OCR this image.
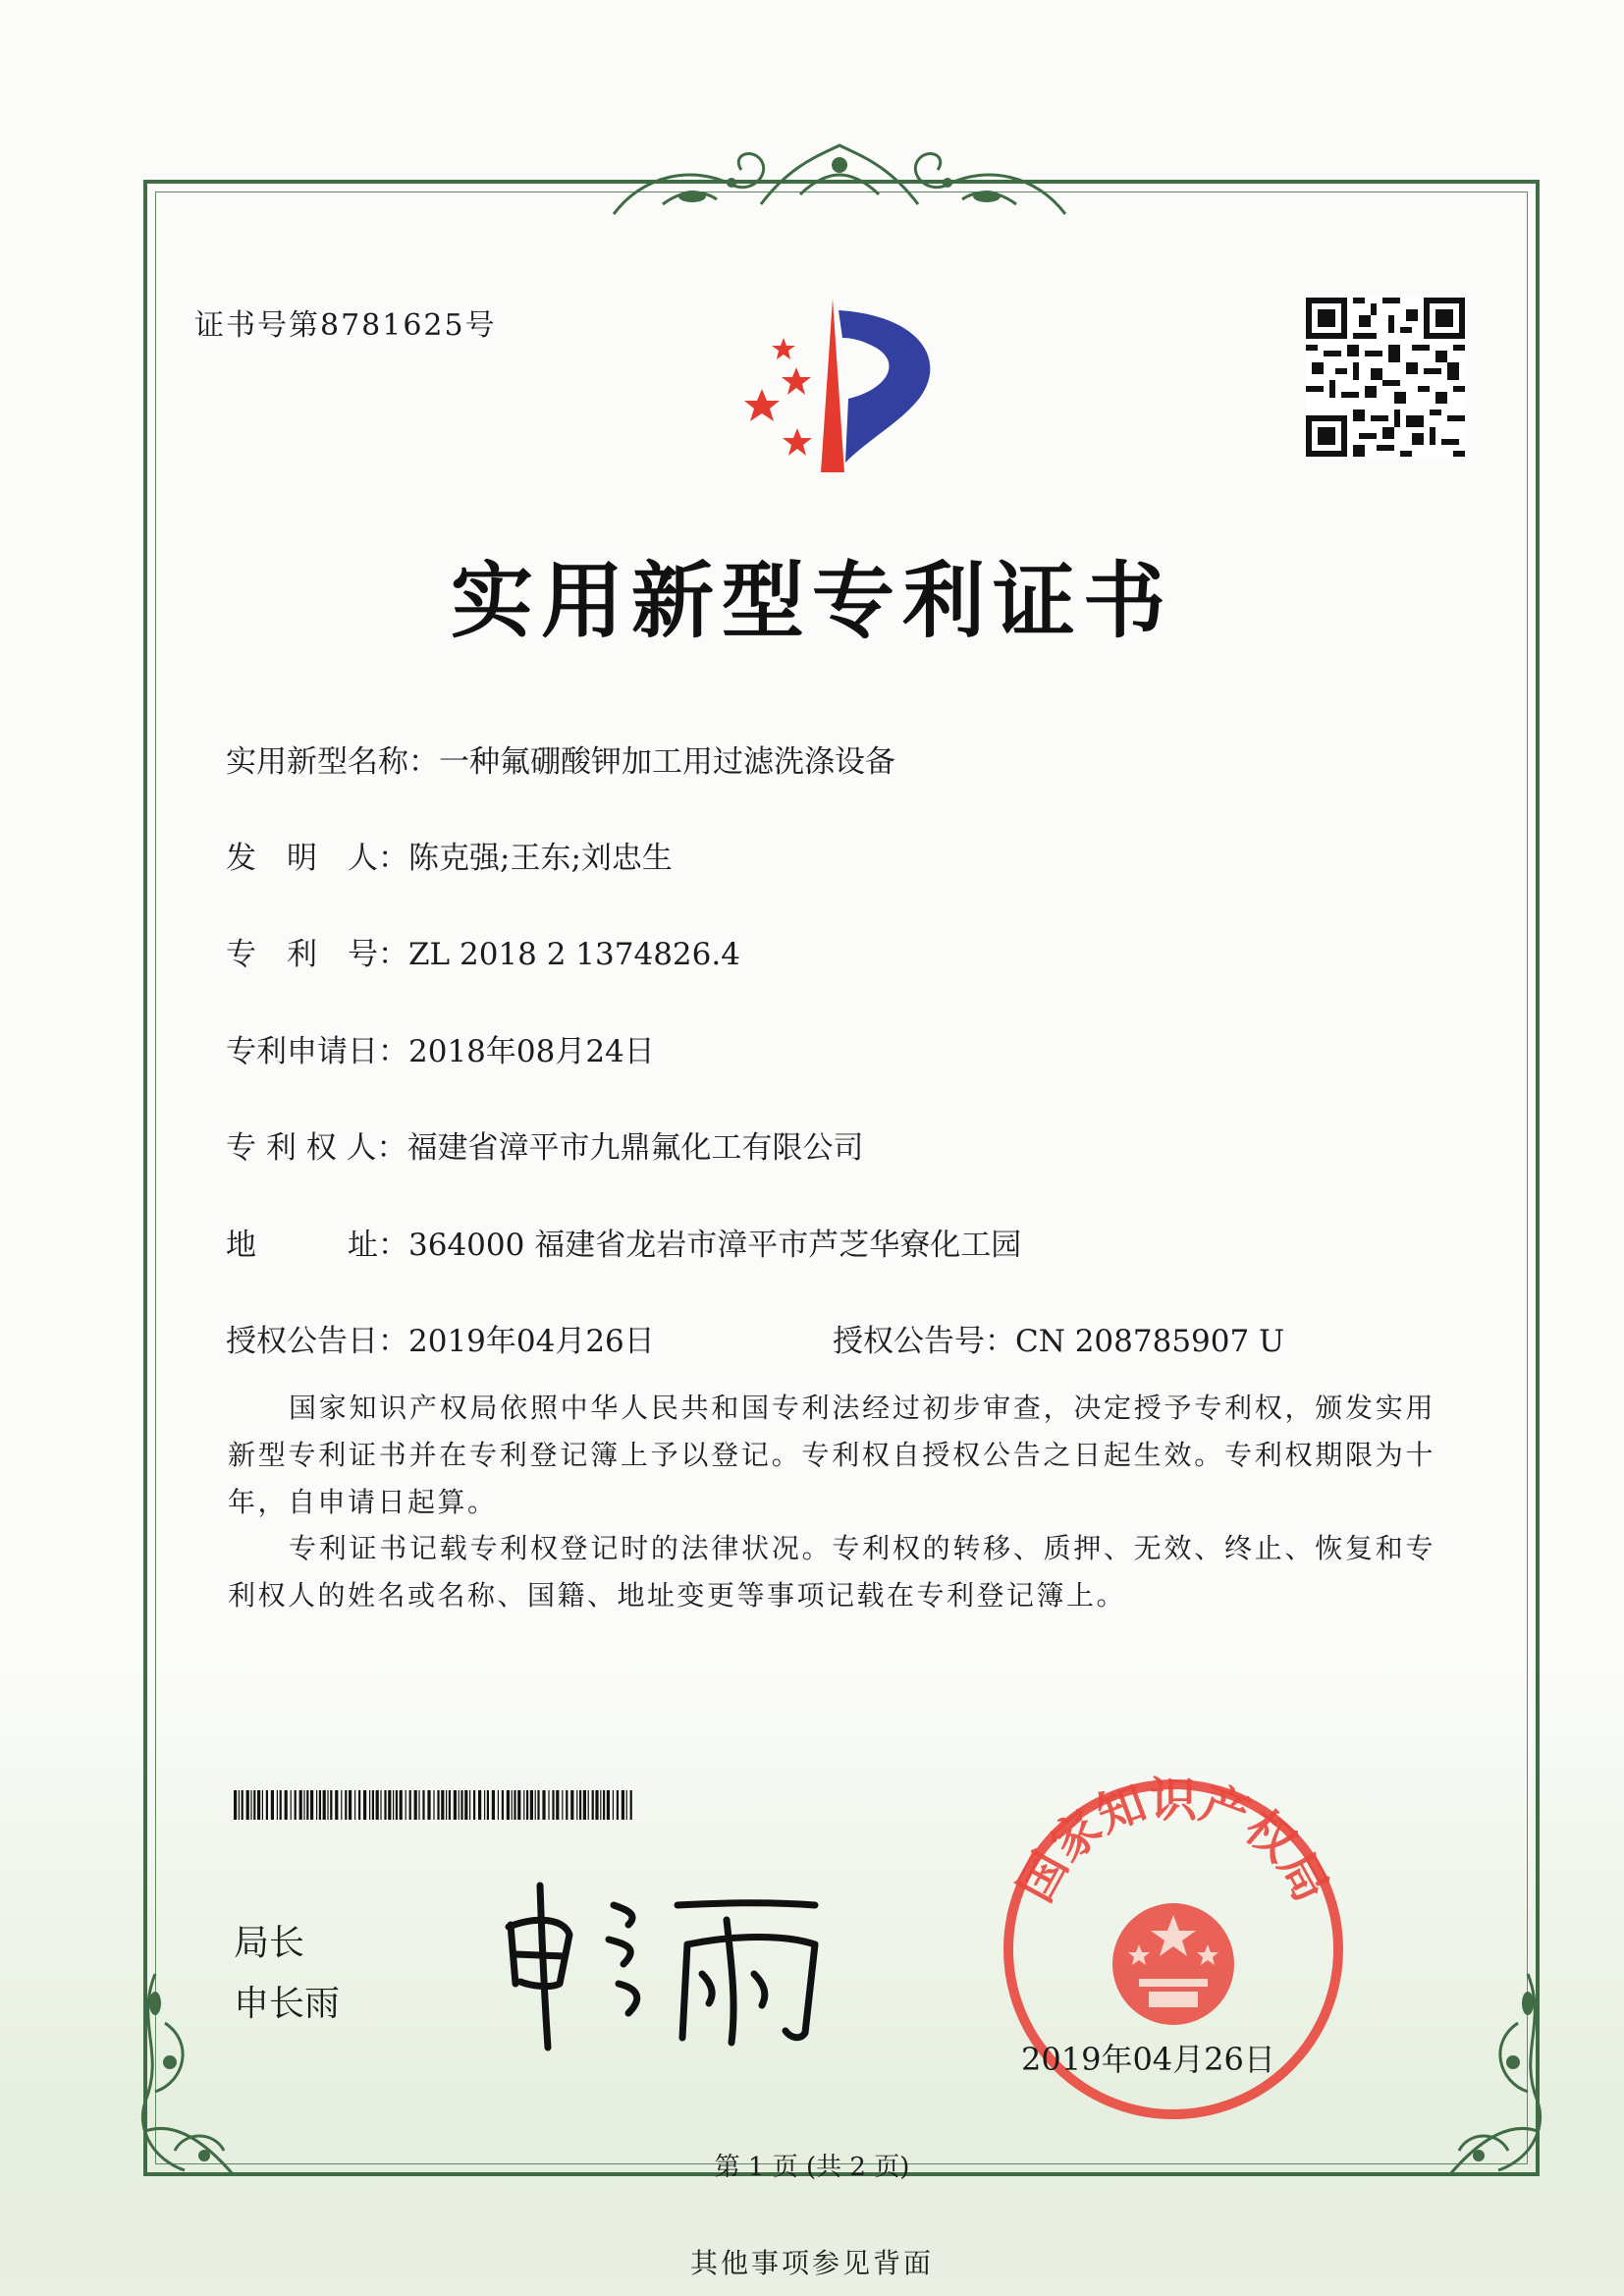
证书号第8781625号
实用新型专利证书
实用新型名称：一种氟硼酸钾加工用过滤洗涤设备
发　明　人：陈克强;王东;刘忠生
专　利　号：ZL 2018 2 1374826.4
专利申请日：2018年08月24日
专 利 权 人：福建省漳平市九鼎氟化工有限公司
地　　　址：364000 福建省龙岩市漳平市芦芝华寮化工园
授权公告日：2019年04月26日	授权公告号：CN 208785907 U
国家知识产权局依照中华人民共和国专利法经过初步审查，决定授予专利权，颁发实用新型专利证书并在专利登记簿上予以登记。专利权自授权公告之日起生效。专利权期限为十年，自申请日起算。
专利证书记载专利权登记时的法律状况。专利权的转移、质押、无效、终止、恢复和专利权人的姓名或名称、国籍、地址变更等事项记载在专利登记簿上。
局长
申长雨
国家知识产权局
2019年04月26日
第 1 页 (共 2 页)
其他事项参见背面
